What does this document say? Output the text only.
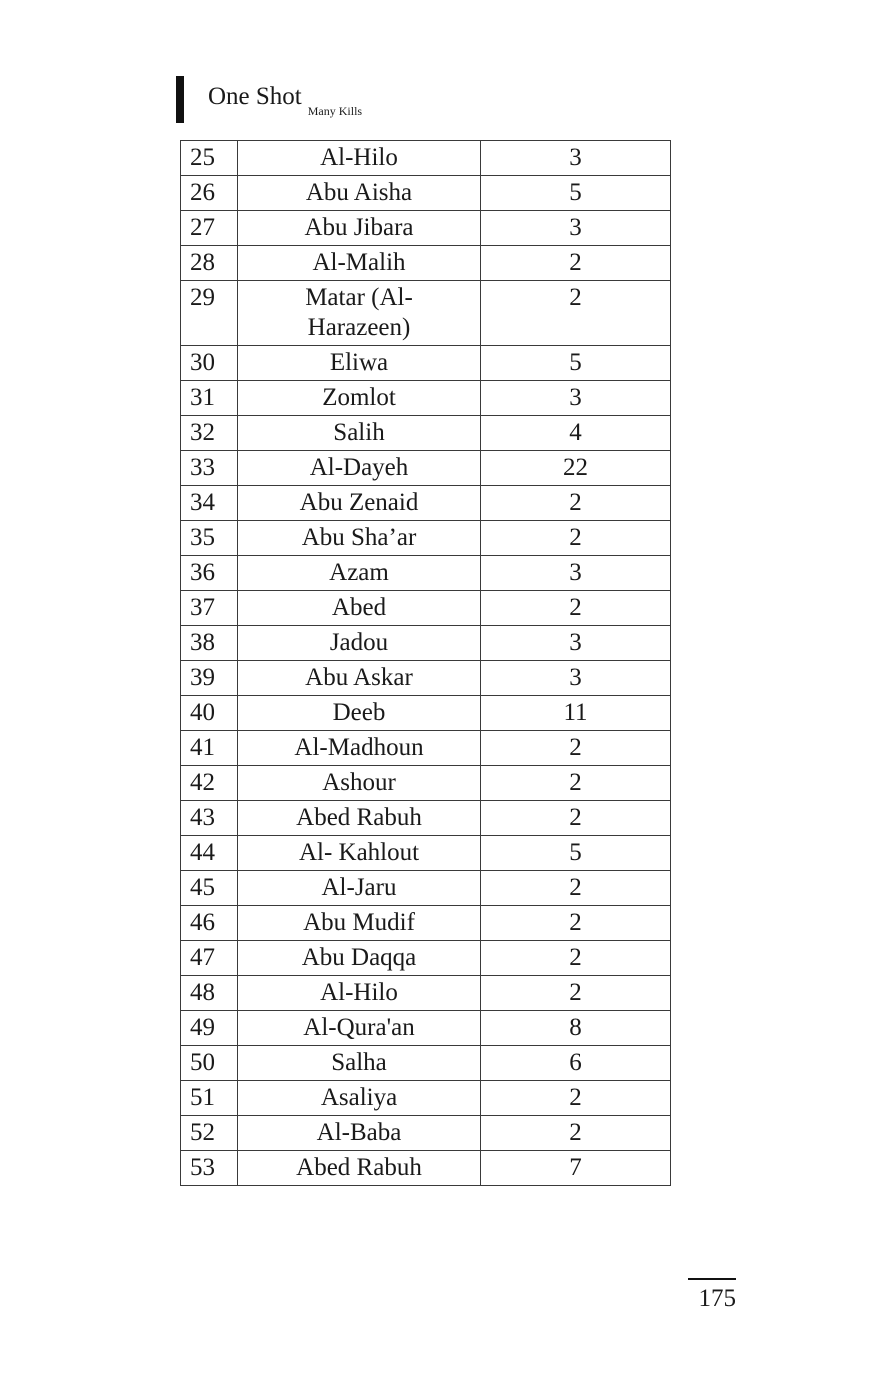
One Shot$_{Many Kills}$
25	Al-Hilo	3
26	Abu Aisha	5
27	Abu Jibara	3
28	Al-Malih	2
29	Matar (Al-
Harazeen)	2
30	Eliwa	5
31	Zomlot	3
32	Salih	4
33	Al-Dayeh	22
34	Abu Zenaid	2
35	Abu Sha’ar	2
36	Azam	3
37	Abed	2
38	Jadou	3
39	Abu Askar	3
40	Deeb	11
41	Al-Madhoun	2
42	Ashour	2
43	Abed Rabuh	2
44	Al- Kahlout	5
45	Al-Jaru	2
46	Abu Mudif	2
47	Abu Daqqa	2
48	Al-Hilo	2
49	Al-Qura'an	8
50	Salha	6
51	Asaliya	2
52	Al-Baba	2
53	Abed Rabuh	7
175
